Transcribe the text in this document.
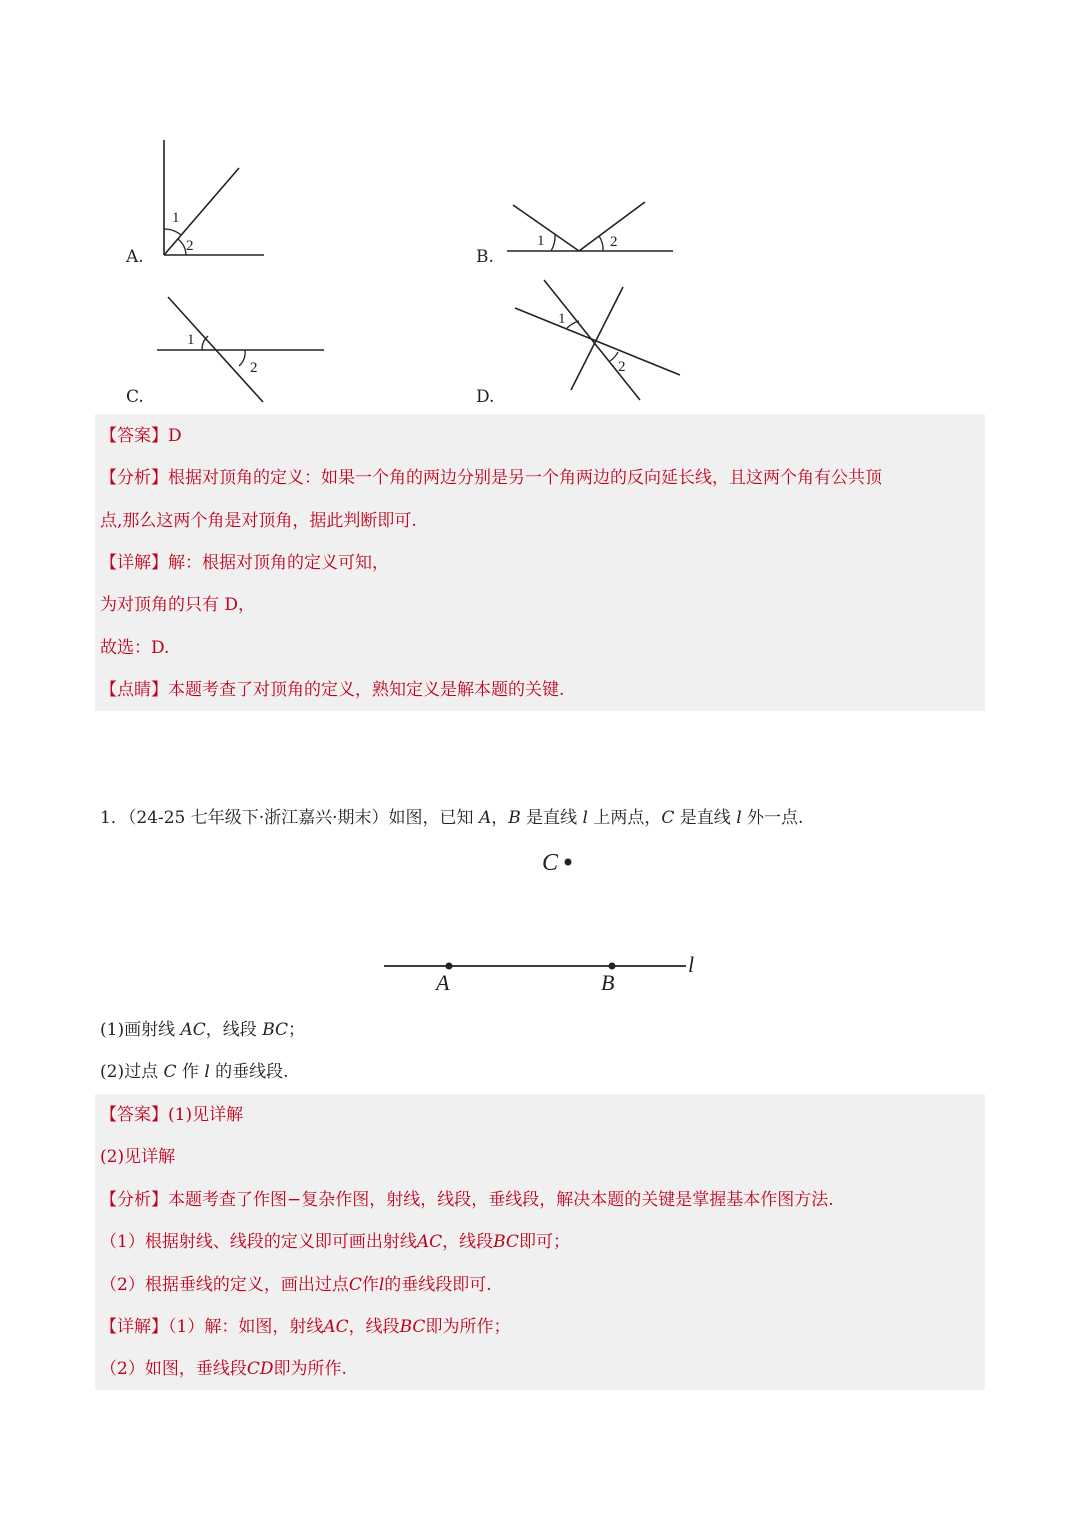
1
2
A.
1	2
B.
1
2
C.
1
2
D.
【答案】D
【分析】根据对顶角的定义：如果一个角的两边分别是另一个角两边的反向延长线，且这两个角有公共顶
点,那么这两个角是对顶角，据此判断即可.
【详解】解：根据对顶角的定义可知，
为对顶角的只有 D，
故选：D.
【点睛】本题考查了对顶角的定义，熟知定义是解本题的关键.
1．（24-25 七年级下·浙江嘉兴·期末）如图，已知 A，B 是直线 l 上两点，C 是直线 l 外一点.
C
A	B
l
(1)画射线 AC，线段 BC；
(2)过点 C 作 l 的垂线段.
【答案】(1)见详解
(2)见详解
【分析】本题考查了作图−复杂作图，射线，线段，垂线段，解决本题的关键是掌握基本作图方法.
（1）根据射线、线段的定义即可画出射线AC，线段BC即可；
（2）根据垂线的定义，画出过点C作l的垂线段即可.
【详解】（1）解：如图，射线AC，线段BC即为所作；
（2）如图，垂线段CD即为所作.
